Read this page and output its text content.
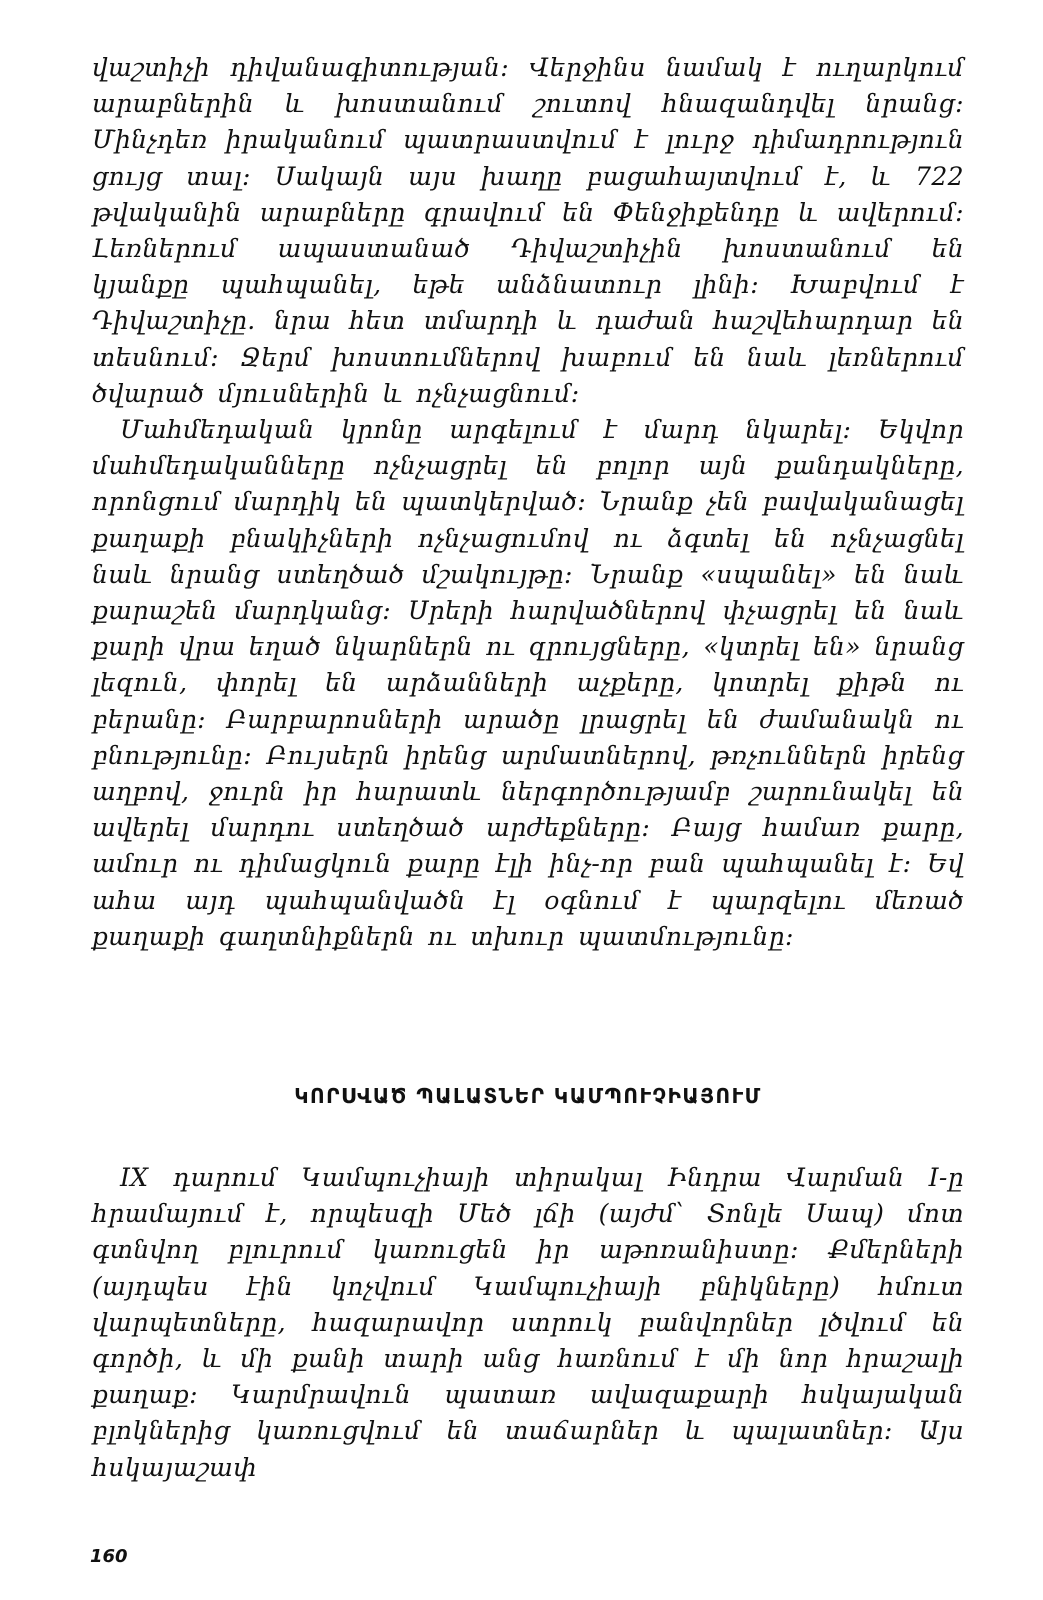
վաշտիչի դիվանագիտության։ Վերջինս նամակ է ուղարկում արաբներին և խոստանում շուտով հնազանդվել նրանց։ Մինչդեռ իրականում պատրաստվում է լուրջ դիմադրություն ցույց տալ։ Սակայն այս խաղը բացահայտվում է, և 722 թվականին արաբները գրավում են Փենջիքենդը և ավերում։ Լեռներում ապաստանած Դիվաշտիչին խոստանում են կյանքը պահպանել, եթե անձնատուր լինի։ Խաբվում է Դիվաշտիչը. նրա հետ տմարդի և դաժան հաշվեհարդար են տեսնում։ Ջերմ խոստումներով խաբում են նաև լեռներում ծվարած մյուսներին և ոչնչացնում։

Մահմեդական կրոնը արգելում է մարդ նկարել։ Եկվոր մահմեդականները ոչնչացրել են բոլոր այն քանդակները, որոնցում մարդիկ են պատկերված։ Նրանք չեն բավականացել քաղաքի բնակիչների ոչնչացումով ու ձգտել են ոչնչացնել նաև նրանց ստեղծած մշակույթը։ Նրանք «սպանել» են նաև քարաշեն մարդկանց։ Սրերի հարվածներով փչացրել են նաև քարի վրա եղած նկարներն ու զրույցները, «կտրել են» նրանց լեզուն, փորել են արձանների աչքերը, կոտրել քիթն ու բերանը։ Բարբարոսների արածը լրացրել են ժամանակն ու բնությունը։ Բույսերն իրենց արմատներով, թռչուններն իրենց աղբով, ջուրն իր հարատև ներգործությամբ շարունակել են ավերել մարդու ստեղծած արժեքները։ Բայց համառ քարը, ամուր ու դիմացկուն քարը էլի ինչ-որ բան պահպանել է։ Եվ ահա այդ պահպանվածն էլ օգնում է պարզելու մեռած քաղաքի գաղտնիքներն ու տխուր պատմությունը։

ԿՈՐՍՎԱԾ ՊԱԼԱՏՆԵՐ ԿԱՄՊՈՒՉԻԱՅՈՒՄ

IX դարում Կամպուչիայի տիրակալ Ինդրա Վարման I-ը հրամայում է, որպեսզի Մեծ լճի (այժմ՝ Տոնլե Սապ) մոտ գտնվող բլուրում կառուցեն իր աթոռանիստը։ Քմերների (այդպես էին կոչվում Կամպուչիայի բնիկները) հմուտ վարպետները, հազարավոր ստրուկ բանվորներ լծվում են գործի, և մի քանի տարի անց հառնում է մի նոր հրաշալի քաղաք։ Կարմրավուն պատառ ավազաքարի հսկայական բլոկներից կառուցվում են տաճարներ և պալատներ։ Այս հսկայաշափ

160
